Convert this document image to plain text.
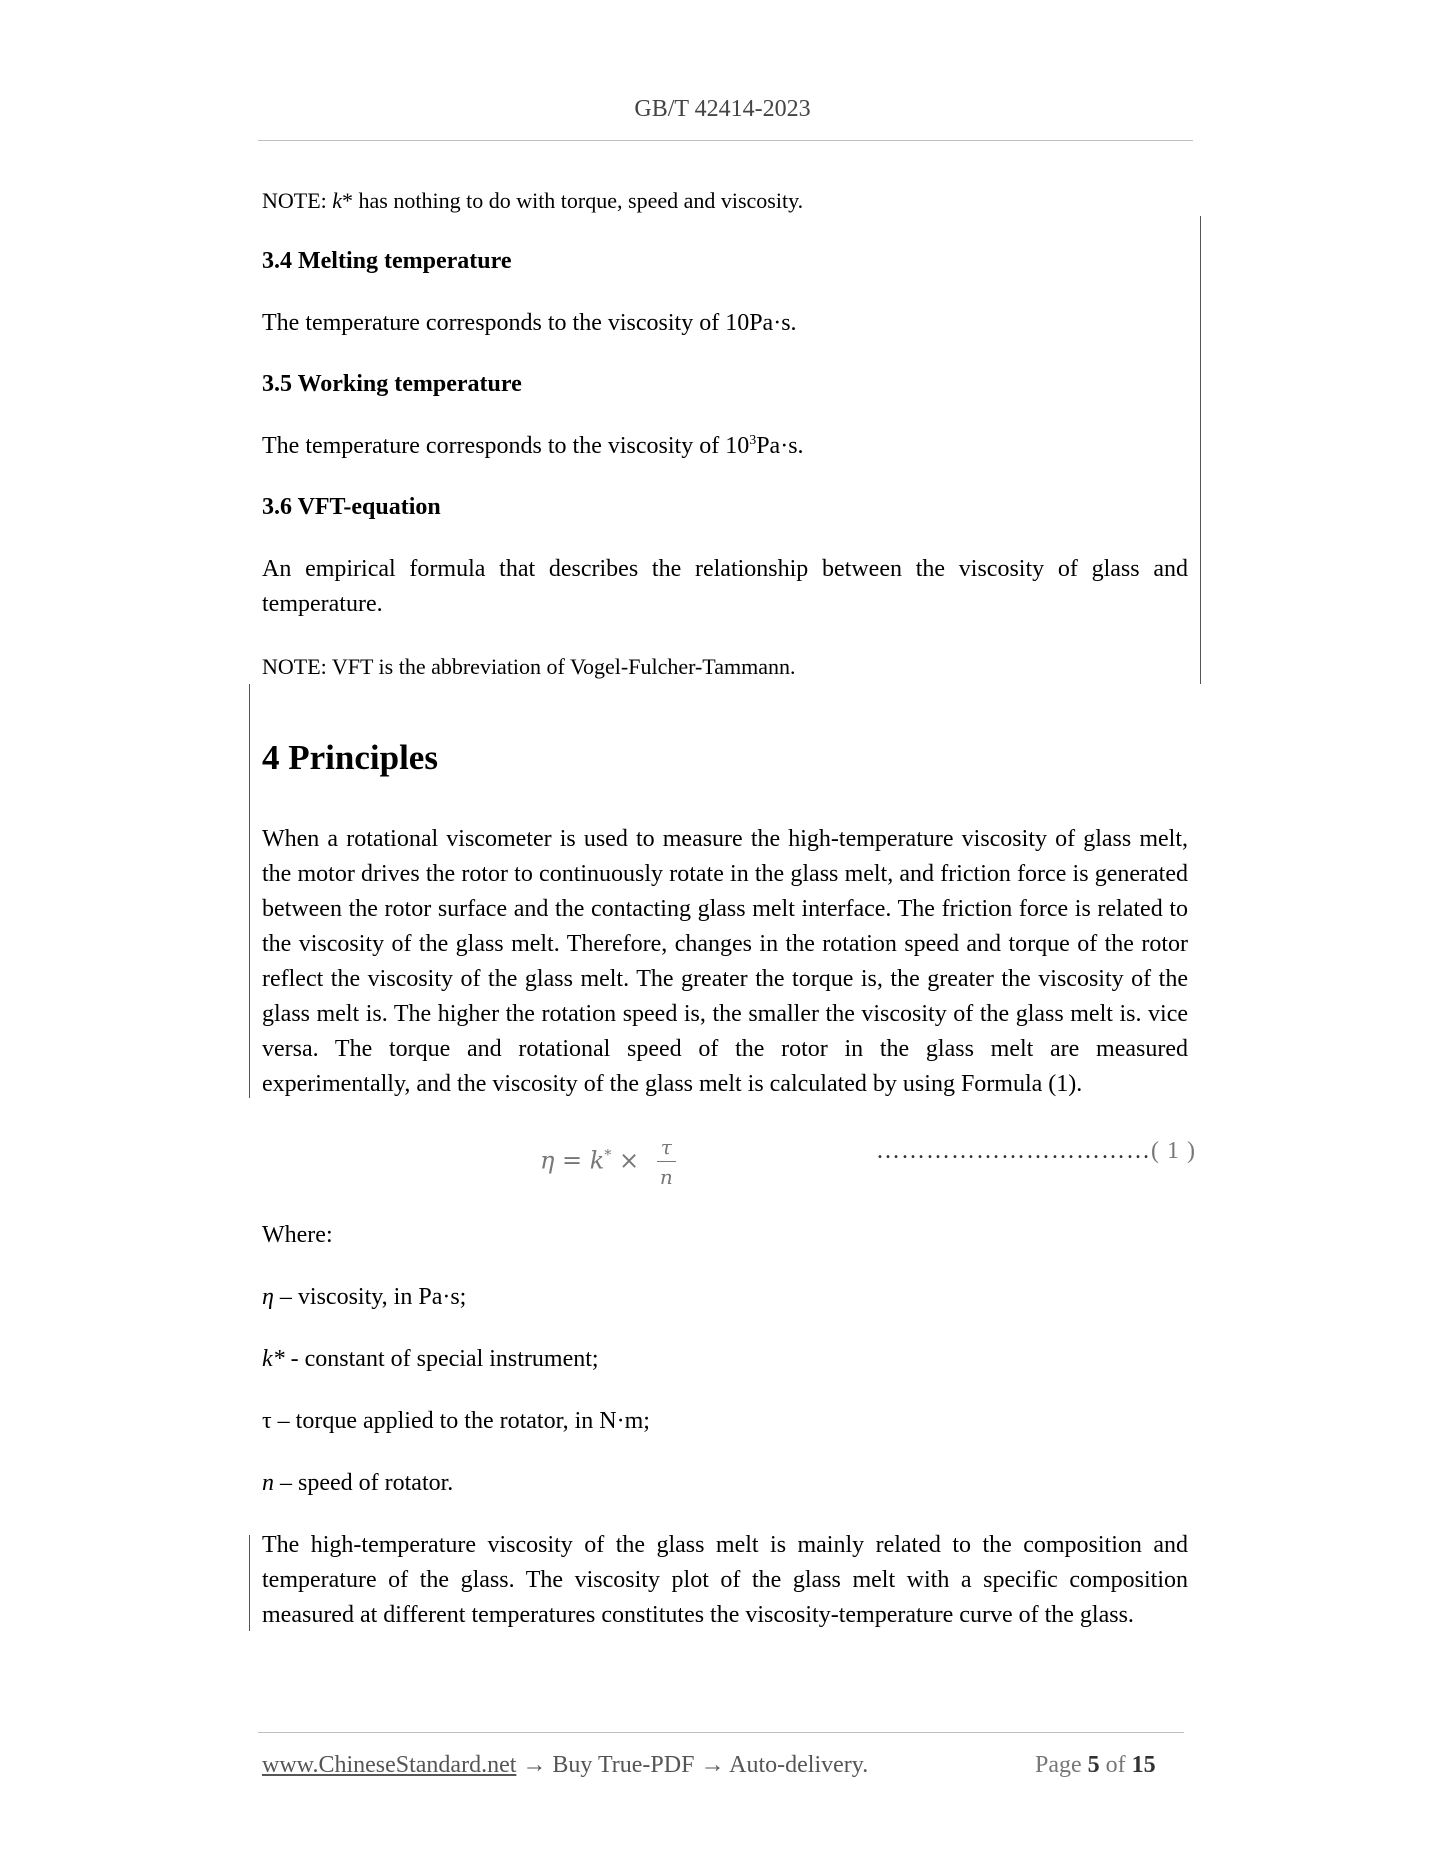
GB/T 42414-2023
NOTE: k* has nothing to do with torque, speed and viscosity.
3.4 Melting temperature
The temperature corresponds to the viscosity of 10Pa·s.
3.5 Working temperature
The temperature corresponds to the viscosity of $10^3Pa\cdot s$.
3.6 VFT-equation
An empirical formula that describes the relationship between the viscosity of glass and temperature.
NOTE: VFT is the abbreviation of Vogel-Fulcher-Tammann.
4 Principles
When a rotational viscometer is used to measure the high-temperature viscosity of glass melt, the motor drives the rotor to continuously rotate in the glass melt, and friction force is generated between the rotor surface and the contacting glass melt interface. The friction force is related to the viscosity of the glass melt. Therefore, changes in the rotation speed and torque of the rotor reflect the viscosity of the glass melt. The greater the torque is, the greater the viscosity of the glass melt is. The higher the rotation speed is, the smaller the viscosity of the glass melt is. vice versa. The torque and rotational speed of the rotor in the glass melt are measured experimentally, and the viscosity of the glass melt is calculated by using Formula (1).
$\eta = k^* \times \frac{\tau}{n}$	……………………………( 1 )
Where:
η – viscosity, in Pa·s;
k* - constant of special instrument;
τ – torque applied to the rotator, in N·m;
n – speed of rotator.
The high-temperature viscosity of the glass melt is mainly related to the composition and temperature of the glass. The viscosity plot of the glass melt with a specific composition measured at different temperatures constitutes the viscosity-temperature curve of the glass.
www.ChineseStandard.net → Buy True-PDF → Auto-delivery.	Page 5 of 15
